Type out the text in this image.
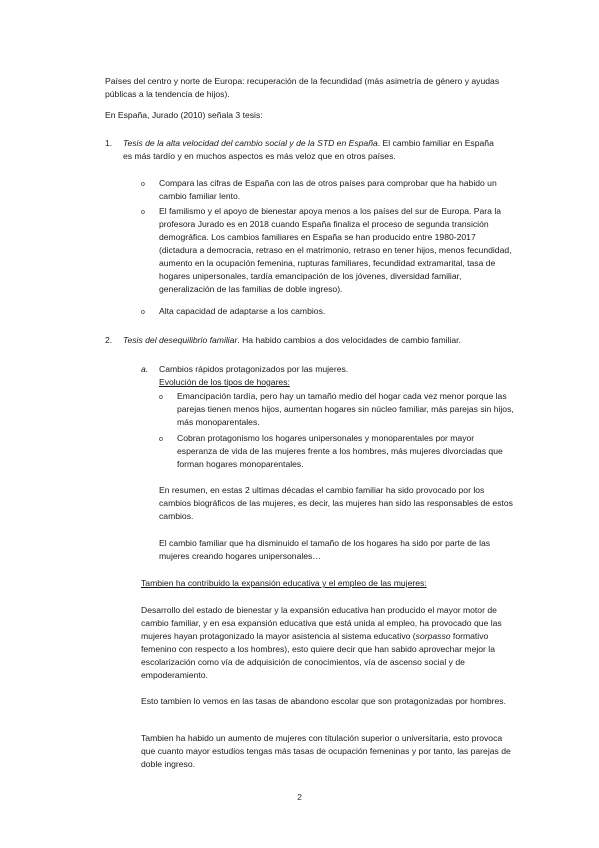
Países del centro y norte de Europa: recuperación de la fecundidad (más asimetría de género y ayudas públicas a la tendencia de hijos).

En España, Jurado (2010) señala 3 tesis:

1. Tesis de la alta velocidad del cambio social y de la STD en España. El cambio familiar en España es más tardío y en muchos aspectos es más veloz que en otros países.

o Compara las cifras de España con las de otros países para comprobar que ha habido un cambio familiar lento.

o El familismo y el apoyo de bienestar apoya menos a los países del sur de Europa. Para la profesora Jurado es en 2018 cuando España finaliza el proceso de segunda transición demográfica. Los cambios familiares en España se han producido entre 1980-2017 (dictadura a democracia, retraso en el matrimonio, retraso en tener hijos, menos fecundidad, aumento en la ocupación femenina, rupturas familiares, fecundidad extramarital, tasa de hogares unipersonales, tardía emancipación de los jóvenes, diversidad familiar, generalización de las familias de doble ingreso).

o Alta capacidad de adaptarse a los cambios.

2. Tesis del desequilibrio familiar. Ha habido cambios a dos velocidades de cambio familiar.

a. Cambios rápidos protagonizados por las mujeres.

Evolución de los tipos de hogares:

o Emancipación tardía, pero hay un tamaño medio del hogar cada vez menor porque las parejas tienen menos hijos, aumentan hogares sin núcleo familiar, más parejas sin hijos, más monoparentales.

o Cobran protagonismo los hogares unipersonales y monoparentales por mayor esperanza de vida de las mujeres frente a los hombres, más mujeres divorciadas que forman hogares monoparentales.

En resumen, en estas 2 ultimas décadas el cambio familiar ha sido provocado por los cambios biográficos de las mujeres, es decir, las mujeres han sido las responsables de estos cambios.

El cambio familiar que ha disminuido el tamaño de los hogares ha sido por parte de las mujeres creando hogares unipersonales…

Tambien ha contribuido la expansión educativa y el empleo de las mujeres:

Desarrollo del estado de bienestar y la expansión educativa han producido el mayor motor de cambio familiar, y en esa expansión educativa que está unida al empleo, ha provocado que las mujeres hayan protagonizado la mayor asistencia al sistema educativo (sorpasso formativo femenino con respecto a los hombres), esto quiere decir que han sabido aprovechar mejor la escolarización como vía de adquisición de conocimientos, vía de ascenso social y de empoderamiento.

Esto tambien lo vemos en las tasas de abandono escolar que son protagonizadas por hombres.

Tambien ha habido un aumento de mujeres con titulación superior o universitaria, esto provoca que cuanto mayor estudios tengas más tasas de ocupación femeninas y por tanto, las parejas de doble ingreso.

2
